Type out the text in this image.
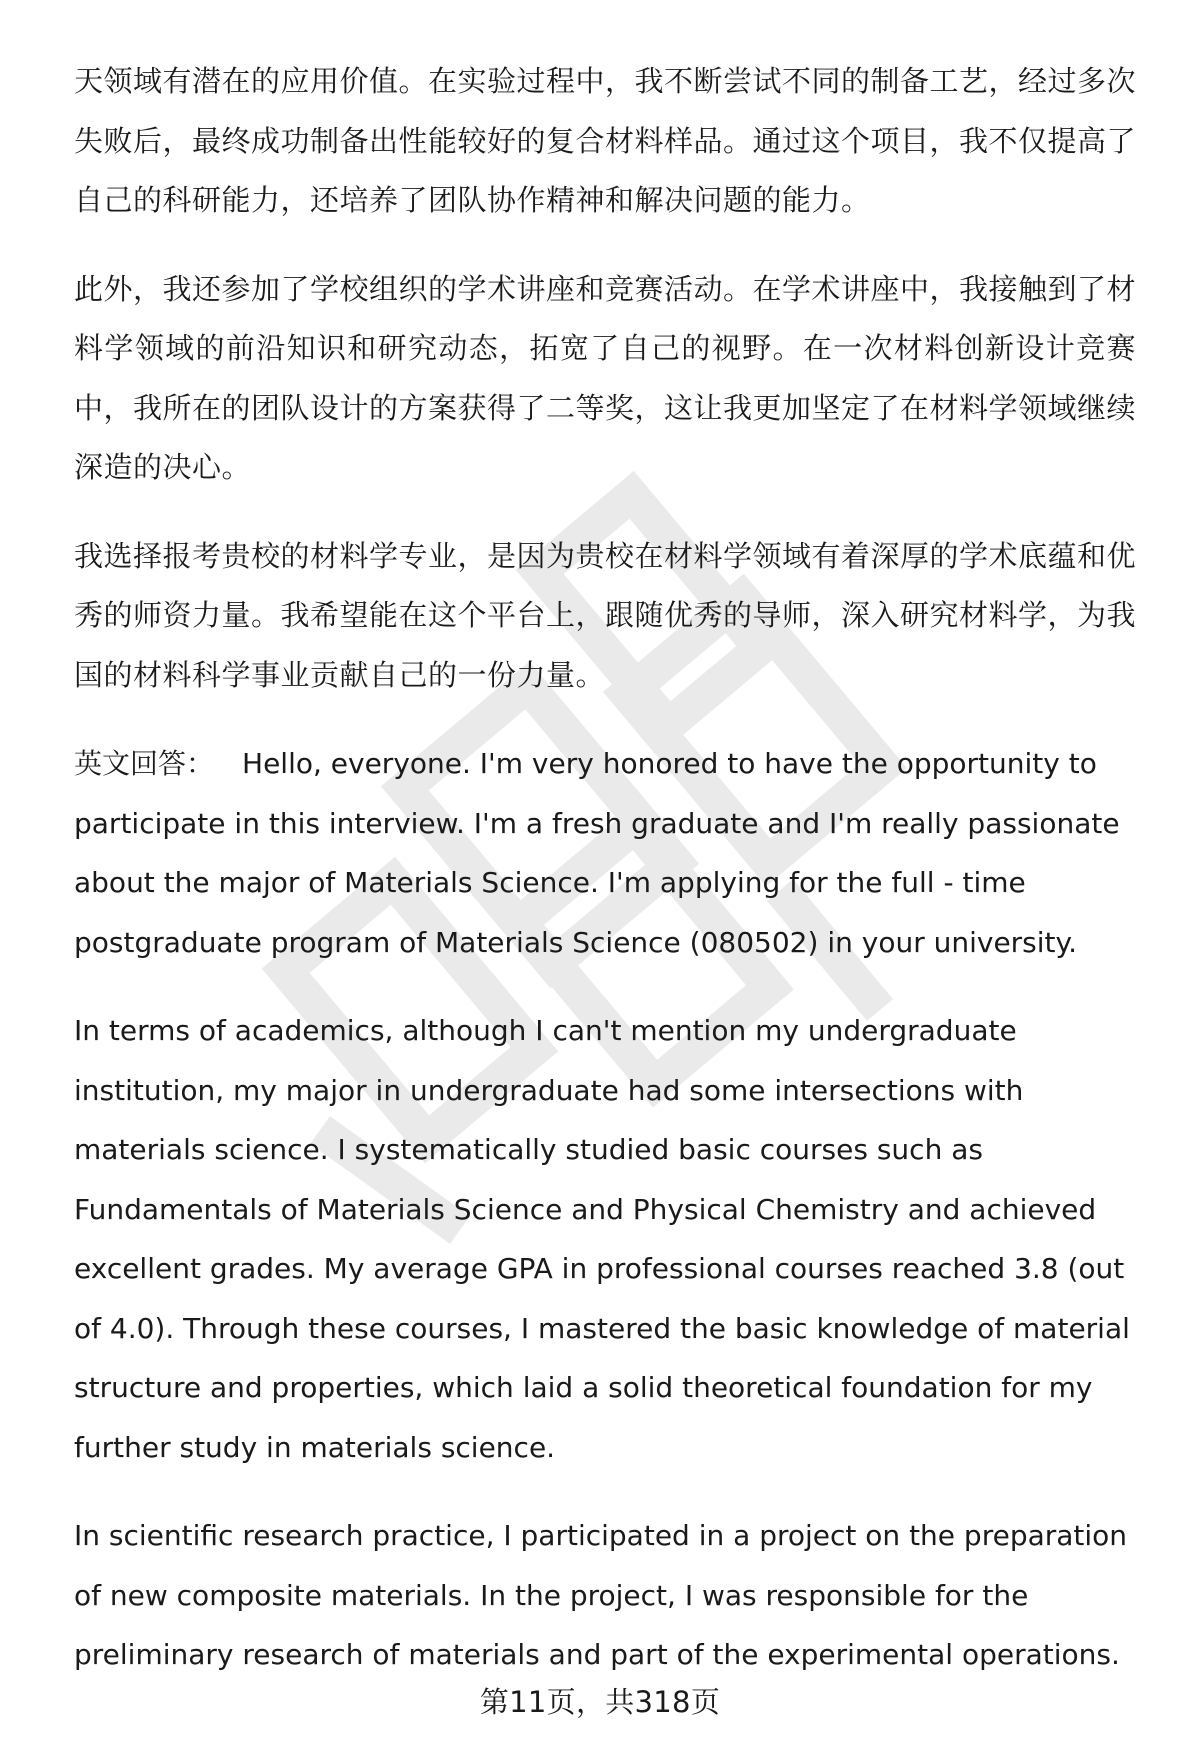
天领域有潜在的应用价值。在实验过程中，我不断尝试不同的制备工艺，经过多次失败后，最终成功制备出性能较好的复合材料样品。通过这个项目，我不仅提高了自己的科研能力，还培养了团队协作精神和解决问题的能力。

此外，我还参加了学校组织的学术讲座和竞赛活动。在学术讲座中，我接触到了材料学领域的前沿知识和研究动态，拓宽了自己的视野。在一次材料创新设计竞赛中，我所在的团队设计的方案获得了二等奖，这让我更加坚定了在材料学领域继续深造的决心。

我选择报考贵校的材料学专业，是因为贵校在材料学领域有着深厚的学术底蕴和优秀的师资力量。我希望能在这个平台上，跟随优秀的导师，深入研究材料学，为我国的材料科学事业贡献自己的一份力量。

英文回答： Hello, everyone. I'm very honored to have the opportunity to participate in this interview. I'm a fresh graduate and I'm really passionate about the major of Materials Science. I'm applying for the full - time postgraduate program of Materials Science (080502) in your university.

In terms of academics, although I can't mention my undergraduate institution, my major in undergraduate had some intersections with materials science. I systematically studied basic courses such as Fundamentals of Materials Science and Physical Chemistry and achieved excellent grades. My average GPA in professional courses reached 3.8 (out of 4.0). Through these courses, I mastered the basic knowledge of material structure and properties, which laid a solid theoretical foundation for my further study in materials science.

In scientific research practice, I participated in a project on the preparation of new composite materials. In the project, I was responsible for the preliminary research of materials and part of the experimental operations.

第11页，共318页
